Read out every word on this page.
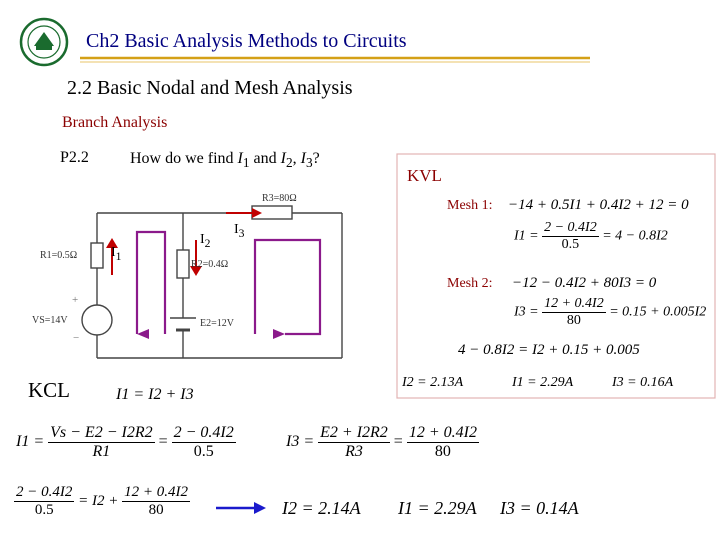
Ch2 Basic Analysis Methods to Circuits
2.2 Basic Nodal and Mesh Analysis
Branch Analysis
P2.2	How do we find $I_1$ and $I_2$, $I_3$?
R3=80Ω
R1=0.5Ω
R2=0.4Ω
VS=14V	E2=12V
+
−
$I_1$
$I_2$
$I_3$
KVL
Mesh 1: −14 + 0.5I1 + 0.4I2 + 12 = 0
$I1 = \frac{2 - 0.4I2}{0.5} = 4 - 0.8I2$
Mesh 2: −12 − 0.4I2 + 80I3 = 0
$I3 = \frac{12 + 0.4I2}{80} = 0.15 + 0.005I2$
4 − 0.8I2 = I2 + 0.15 + 0.005
I2 = 2.13A	I1 = 2.29A	I3 = 0.16A
KCL	I1 = I2 + I3
$I1 = \frac{Vs - E2 - I2R2}{R1} = \frac{2 - 0.4I2}{0.5}$	$I3 = \frac{E2 + I2R2}{R3} = \frac{12 + 0.4I2}{80}$
$\frac{2 - 0.4I2}{0.5} = I2 + \frac{12 + 0.4I2}{80}$	I2 = 2.14A I1 = 2.29A I3 = 0.14A
